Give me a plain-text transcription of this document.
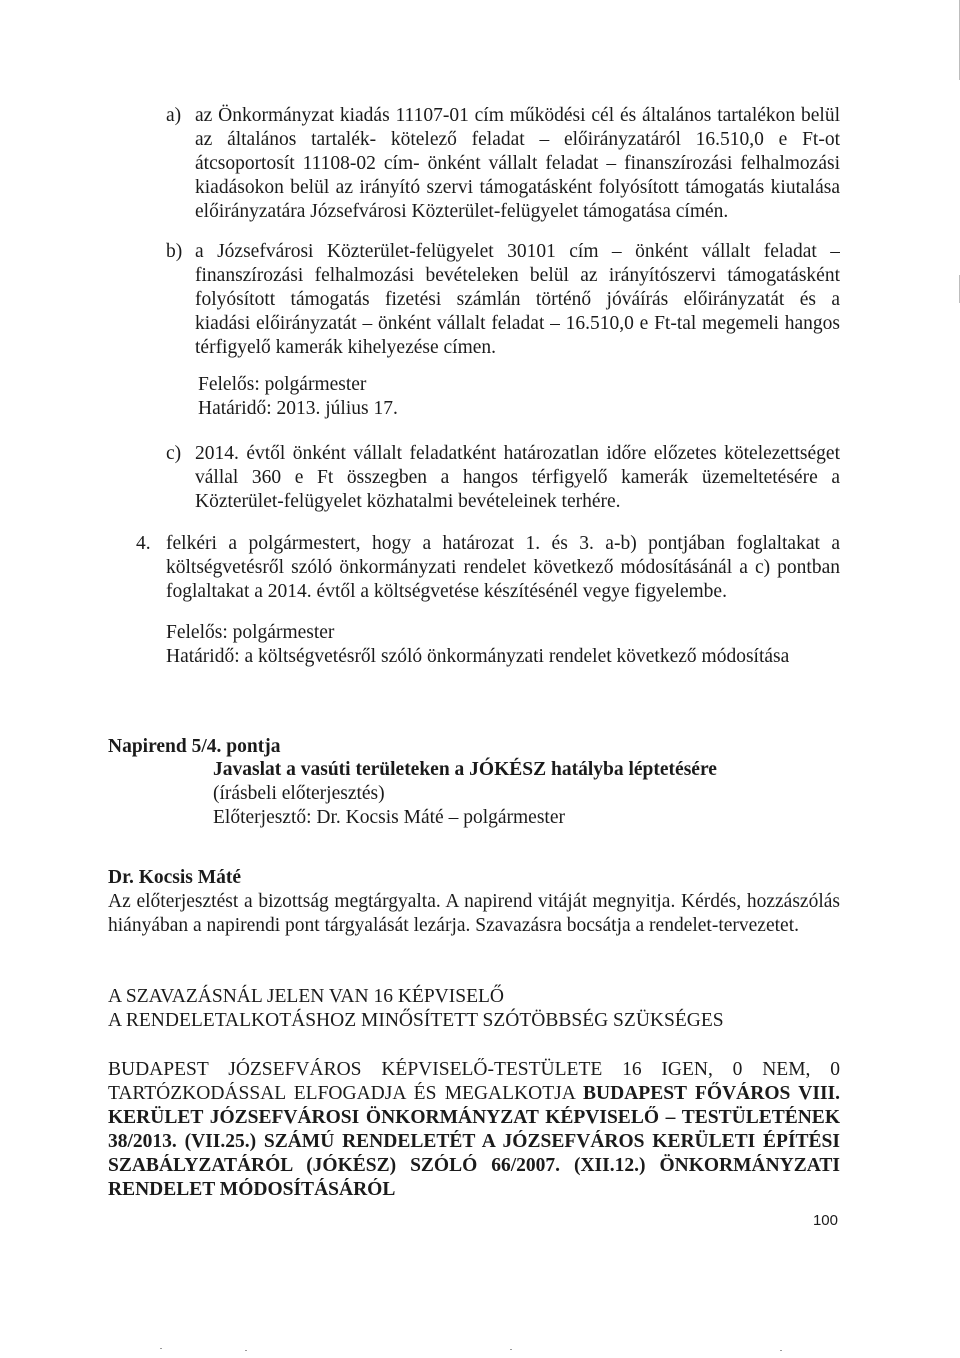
a) az Önkormányzat kiadás 11107-01 cím működési cél és általános tartalékon belül
az általános tartalék- kötelező feladat – előirányzatáról 16.510,0 e Ft-ot
átcsoportosít 11108-02 cím- önként vállalt feladat – finanszírozási felhalmozási
kiadásokon belül az irányító szervi támogatásként folyósított támogatás kiutalása
előirányzatára Józsefvárosi Közterület-felügyelet támogatása címén.
b) a Józsefvárosi Közterület-felügyelet 30101 cím – önként vállalt feladat –
finanszírozási felhalmozási bevételeken belül az irányítószervi támogatásként
folyósított támogatás fizetési számlán történő jóváírás előirányzatát és a
kiadási előirányzatát – önként vállalt feladat – 16.510,0 e Ft-tal megemeli hangos
térfigyelő kamerák kihelyezése címen.
Felelős: polgármester
Határidő: 2013. július 17.
c) 2014. évtől önként vállalt feladatként határozatlan időre előzetes kötelezettséget
vállal 360 e Ft összegben a hangos térfigyelő kamerák üzemeltetésére a
Közterület-felügyelet közhatalmi bevételeinek terhére.
4. felkéri a polgármestert, hogy a határozat 1. és 3. a-b) pontjában foglaltakat a
költségvetésről szóló önkormányzati rendelet következő módosításánál a c) pontban
foglaltakat a 2014. évtől a költségvetése készítésénél vegye figyelembe.
Felelős: polgármester
Határidő: a költségvetésről szóló önkormányzati rendelet következő módosítása
Napirend 5/4. pontja
Javaslat a vasúti területeken a JÓKÉSZ hatályba léptetésére
(írásbeli előterjesztés)
Előterjesztő: Dr. Kocsis Máté – polgármester
Dr. Kocsis Máté
Az előterjesztést a bizottság megtárgyalta. A napirend vitáját megnyitja. Kérdés, hozzászólás
hiányában a napirendi pont tárgyalását lezárja. Szavazásra bocsátja a rendelet-tervezetet.
A SZAVAZÁSNÁL JELEN VAN 16 KÉPVISELŐ
A RENDELETALKOTÁSHOZ MINŐSÍTETT SZÓTÖBBSÉG SZÜKSÉGES
BUDAPEST JÓZSEFVÁROS KÉPVISELŐ-TESTÜLETE 16 IGEN, 0 NEM, 0
TARTÓZKODÁSSAL ELFOGADJA ÉS MEGALKOTJA BUDAPEST FŐVÁROS VIII.
KERÜLET JÓZSEFVÁROSI ÖNKORMÁNYZAT KÉPVISELŐ – TESTÜLETÉNEK
38/2013. (VII.25.) SZÁMÚ RENDELETÉT A JÓZSEFVÁROS KERÜLETI ÉPÍTÉSI
SZABÁLYZATÁRÓL (JÓKÉSZ) SZÓLÓ 66/2007. (XII.12.) ÖNKORMÁNYZATI
RENDELET MÓDOSÍTÁSÁRÓL
100
